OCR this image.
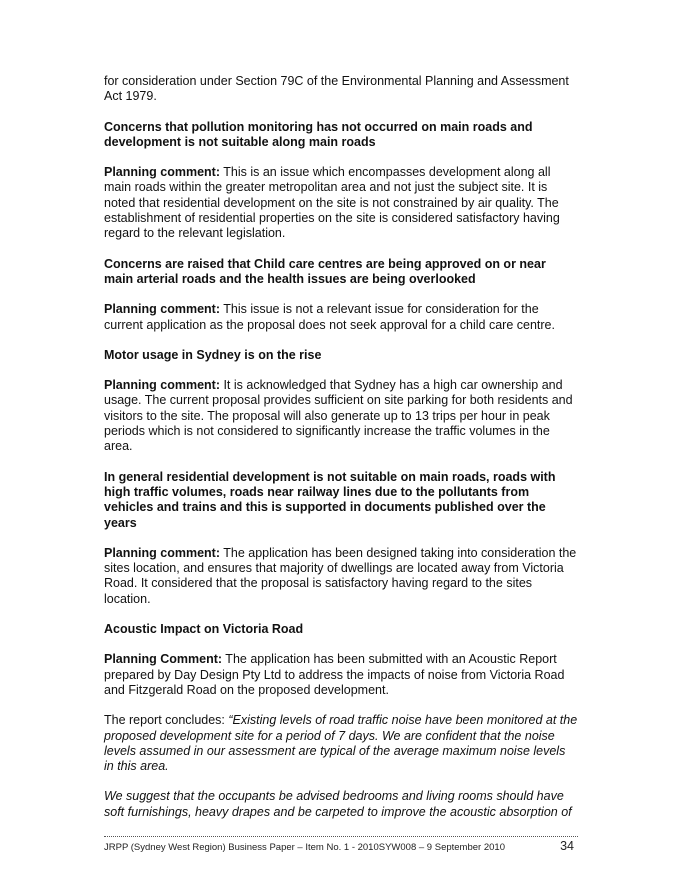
for consideration under Section 79C of the Environmental Planning and Assessment Act 1979.

Concerns that pollution monitoring has not occurred on main roads and development is not suitable along main roads

Planning comment: This is an issue which encompasses development along all main roads within the greater metropolitan area and not just the subject site. It is noted that residential development on the site is not constrained by air quality. The establishment of residential properties on the site is considered satisfactory having regard to the relevant legislation.

Concerns are raised that Child care centres are being approved on or near main arterial roads and the health issues are being overlooked

Planning comment: This issue is not a relevant issue for consideration for the current application as the proposal does not seek approval for a child care centre.

Motor usage in Sydney is on the rise

Planning comment: It is acknowledged that Sydney has a high car ownership and usage. The current proposal provides sufficient on site parking for both residents and visitors to the site. The proposal will also generate up to 13 trips per hour in peak periods which is not considered to significantly increase the traffic volumes in the area.

In general residential development is not suitable on main roads, roads with high traffic volumes, roads near railway lines due to the pollutants from vehicles and trains and this is supported in documents published over the years

Planning comment: The application has been designed taking into consideration the sites location, and ensures that majority of dwellings are located away from Victoria Road. It considered that the proposal is satisfactory having regard to the sites location.

Acoustic Impact on Victoria Road

Planning Comment: The application has been submitted with an Acoustic Report prepared by Day Design Pty Ltd to address the impacts of noise from Victoria Road and Fitzgerald Road on the proposed development.

The report concludes: “Existing levels of road traffic noise have been monitored at the proposed development site for a period of 7 days. We are confident that the noise levels assumed in our assessment are typical of the average maximum noise levels in this area.

We suggest that the occupants be advised bedrooms and living rooms should have soft furnishings, heavy drapes and be carpeted to improve the acoustic absorption of

JRPP (Sydney West Region) Business Paper – Item No. 1 - 2010SYW008 – 9 September 2010	34
